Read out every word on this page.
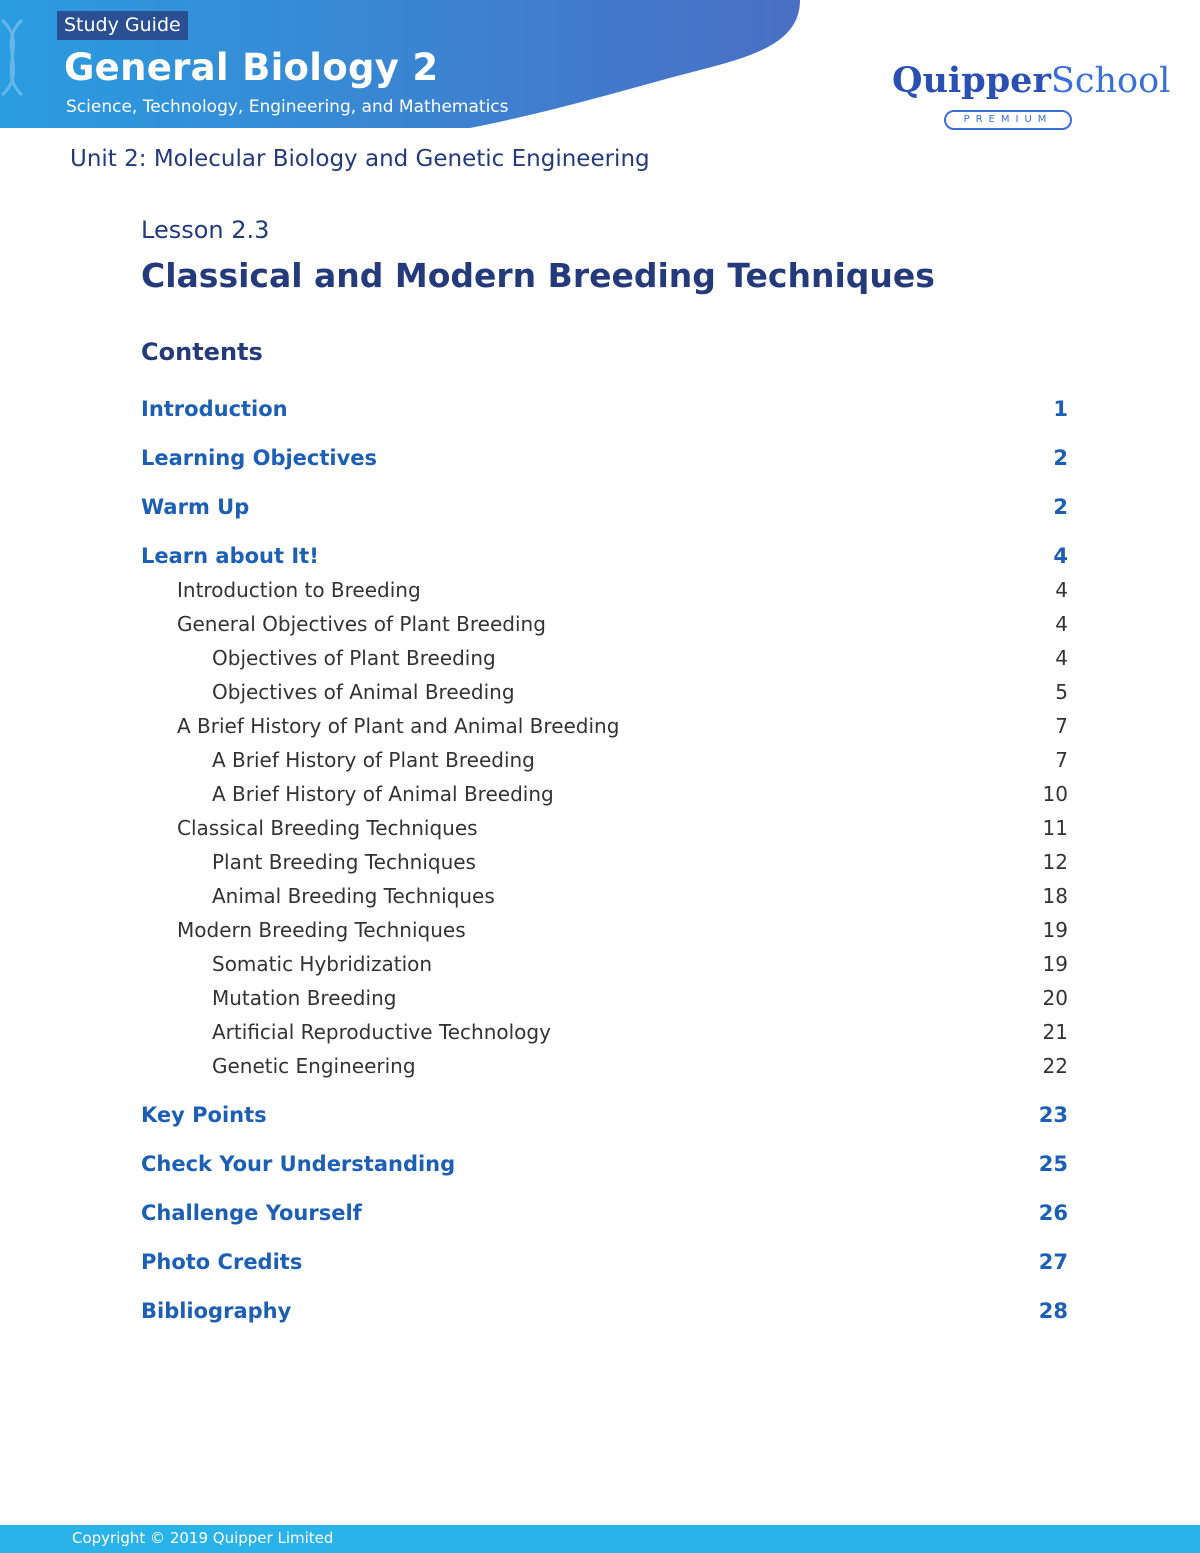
Study Guide
General Biology 2
Science, Technology, Engineering, and Mathematics
QuipperSchool
PREMIUM
Unit 2: Molecular Biology and Genetic Engineering
Lesson 2.3
Classical and Modern Breeding Techniques
Contents
Introduction	1
Learning Objectives	2
Warm Up	2
Learn about It!	4
Introduction to Breeding	4
General Objectives of Plant Breeding	4
Objectives of Plant Breeding	4
Objectives of Animal Breeding	5
A Brief History of Plant and Animal Breeding	7
A Brief History of Plant Breeding	7
A Brief History of Animal Breeding	10
Classical Breeding Techniques	11
Plant Breeding Techniques	12
Animal Breeding Techniques	18
Modern Breeding Techniques	19
Somatic Hybridization	19
Mutation Breeding	20
Artificial Reproductive Technology	21
Genetic Engineering	22
Key Points	23
Check Your Understanding	25
Challenge Yourself	26
Photo Credits	27
Bibliography	28
Copyright © 2019 Quipper Limited
